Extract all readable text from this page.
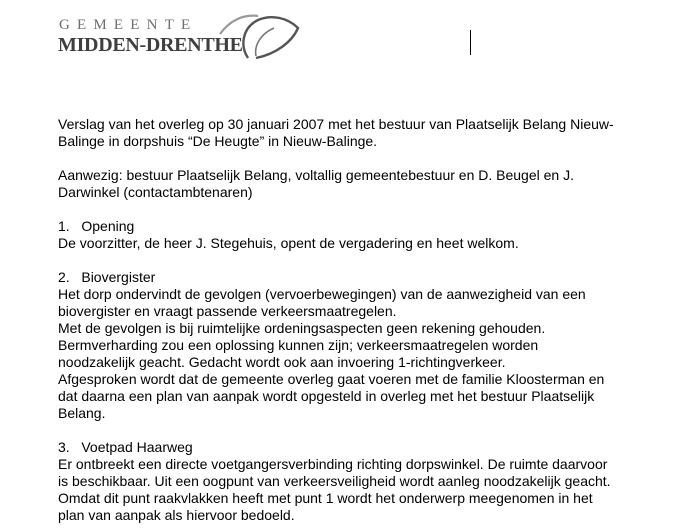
GEMEENTE
MIDDEN-DRENTHE

Verslag van het overleg op 30 januari 2007 met het bestuur van Plaatselijk Belang Nieuw-

Balinge in dorpshuis “De Heugte” in Nieuw-Balinge.

Aanwezig: bestuur Plaatselijk Belang, voltallig gemeentebestuur en D. Beugel en J.

Darwinkel (contactambtenaren)

1. Opening

De voorzitter, de heer J. Stegehuis, opent de vergadering en heet welkom.

2. Biovergister

Het dorp ondervindt de gevolgen (vervoerbewegingen) van de aanwezigheid van een

biovergister en vraagt passende verkeersmaatregelen.

Met de gevolgen is bij ruimtelijke ordeningsaspecten geen rekening gehouden.

Bermverharding zou een oplossing kunnen zijn; verkeersmaatregelen worden

noodzakelijk geacht. Gedacht wordt ook aan invoering 1-richtingverkeer.

Afgesproken wordt dat de gemeente overleg gaat voeren met de familie Kloosterman en

dat daarna een plan van aanpak wordt opgesteld in overleg met het bestuur Plaatselijk

Belang.

3. Voetpad Haarweg

Er ontbreekt een directe voetgangersverbinding richting dorpswinkel. De ruimte daarvoor

is beschikbaar. Uit een oogpunt van verkeersveiligheid wordt aanleg noodzakelijk geacht.

Omdat dit punt raakvlakken heeft met punt 1 wordt het onderwerp meegenomen in het

plan van aanpak als hiervoor bedoeld.
